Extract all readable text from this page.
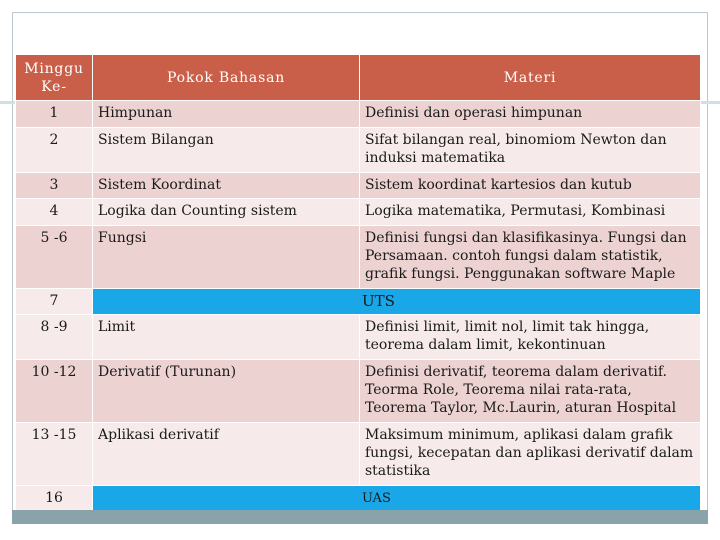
Minggu Ke-	Pokok Bahasan	Materi
1	Himpunan	Definisi dan operasi himpunan
2	Sistem Bilangan	Sifat bilangan real, binomiom Newton dan induksi matematika
3	Sistem Koordinat	Sistem koordinat kartesios dan kutub
4	Logika dan Counting sistem	Logika matematika, Permutasi, Kombinasi
5 -6	Fungsi	Definisi fungsi dan klasifikasinya. Fungsi dan Persamaan. contoh fungsi dalam statistik, grafik fungsi. Penggunakan software Maple
7	UTS	
8 -9	Limit	Definisi limit, limit nol, limit tak hingga, teorema dalam limit, kekontinuan
10 -12	Derivatif (Turunan)	Definisi derivatif, teorema dalam derivatif. Teorma Role, Teorema nilai rata-rata, Teorema Taylor, Mc.Laurin, aturan Hospital
13 -15	Aplikasi derivatif	Maksimum minimum, aplikasi dalam grafik fungsi, kecepatan dan aplikasi derivatif dalam statistika
16	UAS	
